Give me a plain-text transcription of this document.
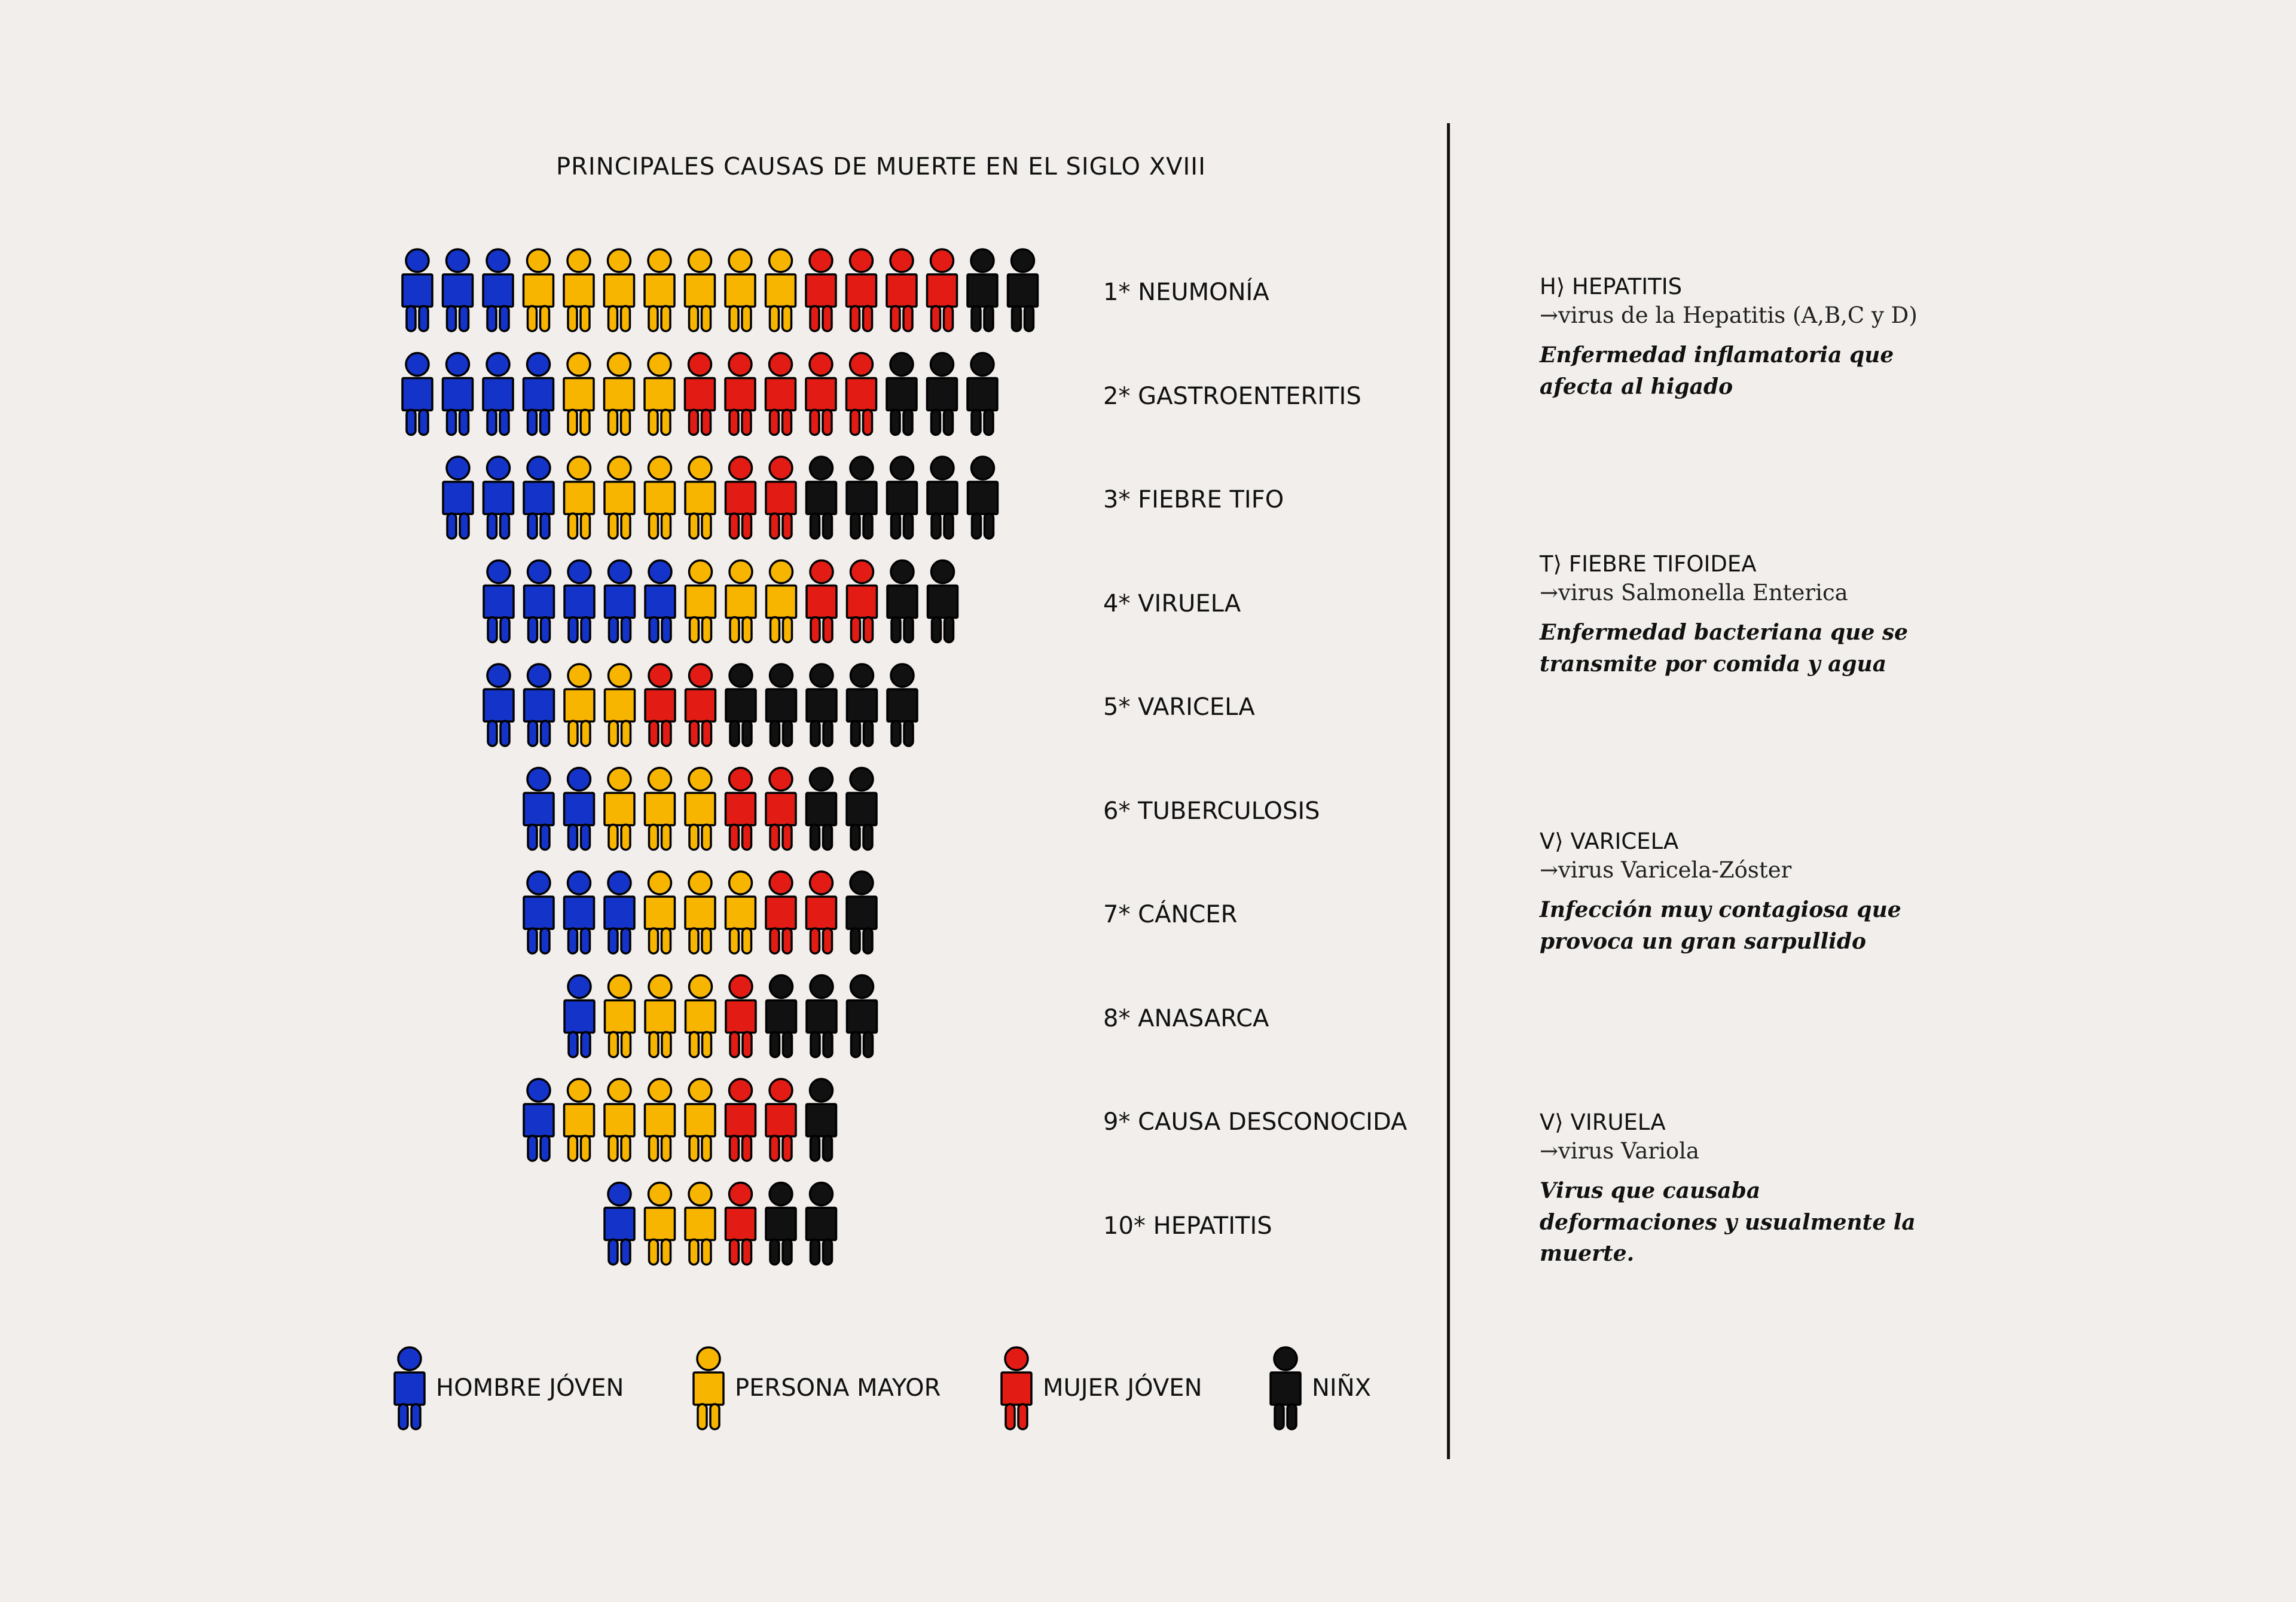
PRINCIPALES CAUSAS DE MUERTE EN EL SIGLO XVIII
1* NEUMONÍA
2* GASTROENTERITIS
3* FIEBRE TIFO
4* VIRUELA
5* VARICELA
6* TUBERCULOSIS
7* CÁNCER
8* ANASARCA
9* CAUSA DESCONOCIDA
10* HEPATITIS
HOMBRE JÓVEN	PERSONA MAYOR	MUJER JÓVEN	NIÑX
H⟩ HEPATITIS
→virus de la Hepatitis (A,B,C y D)
Enfermedad inflamatoria que afecta al higado
T⟩ FIEBRE TIFOIDEA
→virus Salmonella Enterica
Enfermedad bacteriana que se transmite por comida y agua
V⟩ VARICELA
→virus Varicela-Zóster
Infección muy contagiosa que provoca un gran sarpullido
V⟩ VIRUELA
→virus Variola
Virus que causaba deformaciones y usualmente la muerte.
